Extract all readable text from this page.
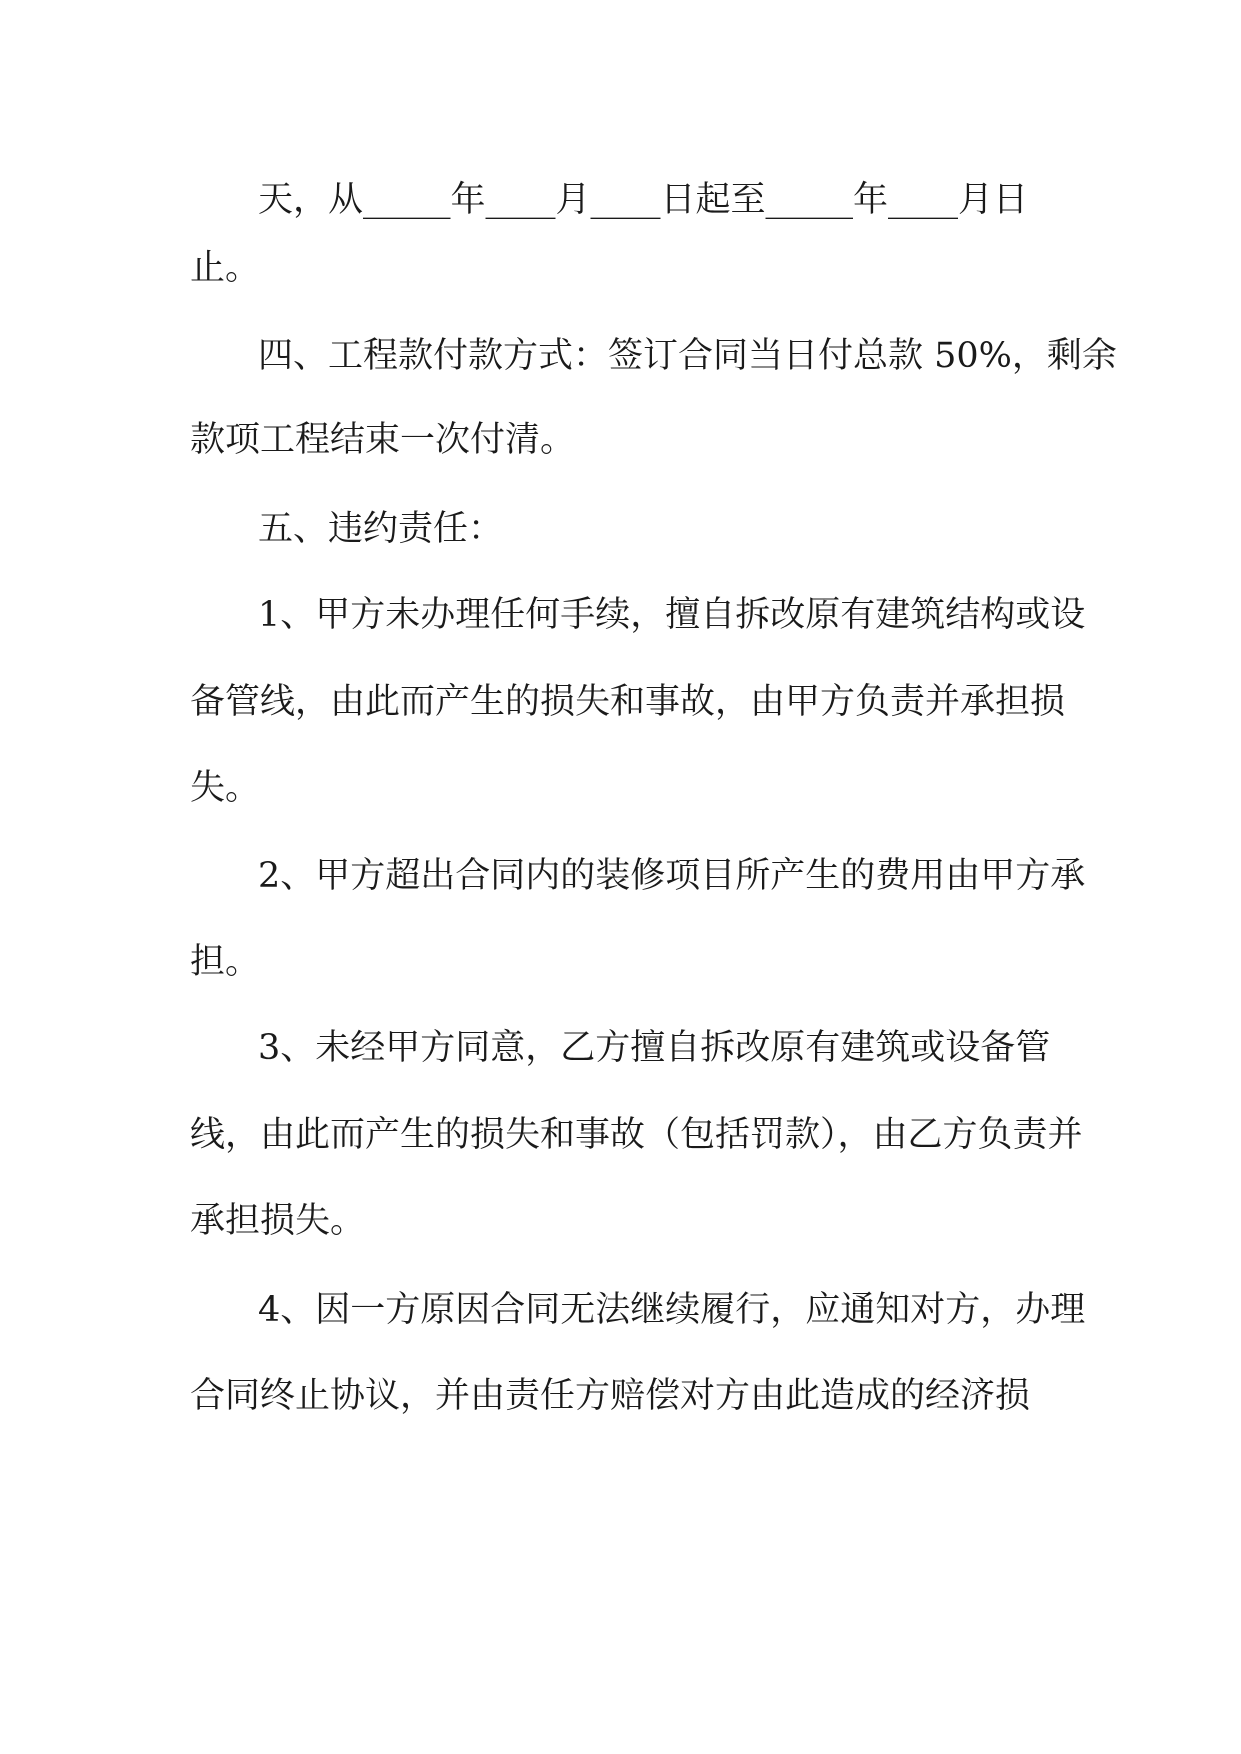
天，从_____年____月____日起至_____年____月日
止。
四、工程款付款方式：签订合同当日付总款 50%，剩余
款项工程结束一次付清。
五、违约责任：
1、甲方未办理任何手续，擅自拆改原有建筑结构或设
备管线，由此而产生的损失和事故，由甲方负责并承担损
失。
2、甲方超出合同内的装修项目所产生的费用由甲方承
担。
3、未经甲方同意，乙方擅自拆改原有建筑或设备管
线，由此而产生的损失和事故（包括罚款），由乙方负责并
承担损失。
4、因一方原因合同无法继续履行，应通知对方，办理
合同终止协议，并由责任方赔偿对方由此造成的经济损
